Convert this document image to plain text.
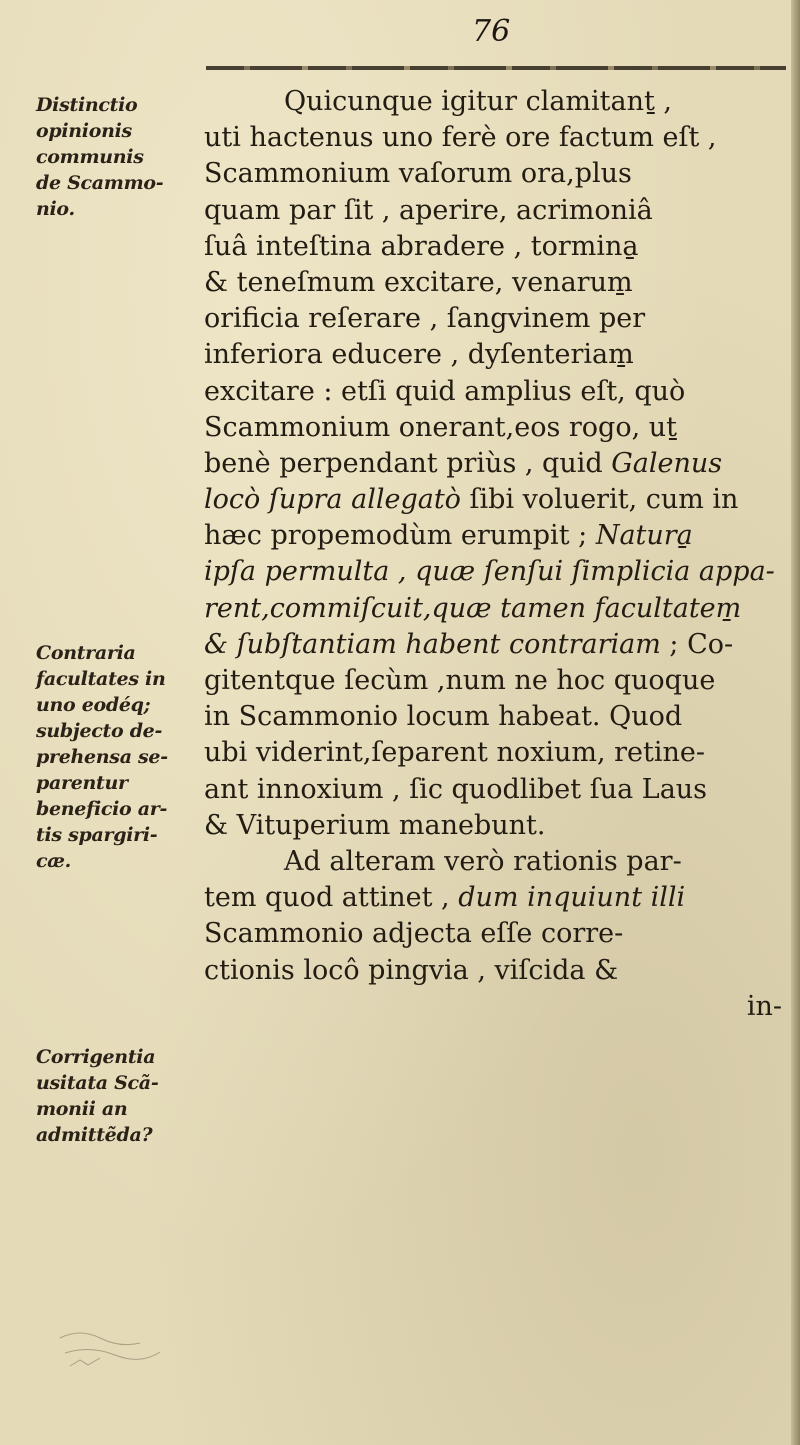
76
Distinctio
opinionis
communis
de Scammo-
nio.
Contraria
facultates in
uno eodéq;
subjecto de-
prehensa se-
parentur
beneficio ar-
tis spargiri-
cæ.
Corrigentia
usitata Scã-
monii an
admittẽda?
Quicunque igitur clamitanṯ ,
uti hactenus uno ferè ore factum eſt ,
Scammonium vaſorum ora,plus
quam par ſit , aperire, acrimoniâ
ſuâ inteſtina abradere , tormina̱
& teneſmum excitare, venarum̱
orificia reſerare , ſangvinem per
inferiora educere , dyſenteriam̱
excitare : etſi quid amplius eſt, quò
Scammonium onerant,eos rogo, uṯ
benè perpendant priùs , quid Galenus
locò ſupra allegatò ſibi voluerit, cum in
hæc propemodùm erumpit ; Natura̱
ipſa permulta , quæ ſenſui ſimplicia appa-
rent,commiſcuit,quæ tamen facultatem̱
& ſubſtantiam habent contrariam ; Co-
gitentque ſecùm ,num ne hoc quoque
in Scammonio locum habeat. Quod
ubi viderint,ſeparent noxium, retine-
ant innoxium , ſic quodlibet ſua Laus
& Vituperium manebunt.
Ad alteram verò rationis par-
tem quod attinet , dum inquiunt illi
Scammonio adjecta eſſe corre-
ctionis locô pingvia , viſcida &
in-
